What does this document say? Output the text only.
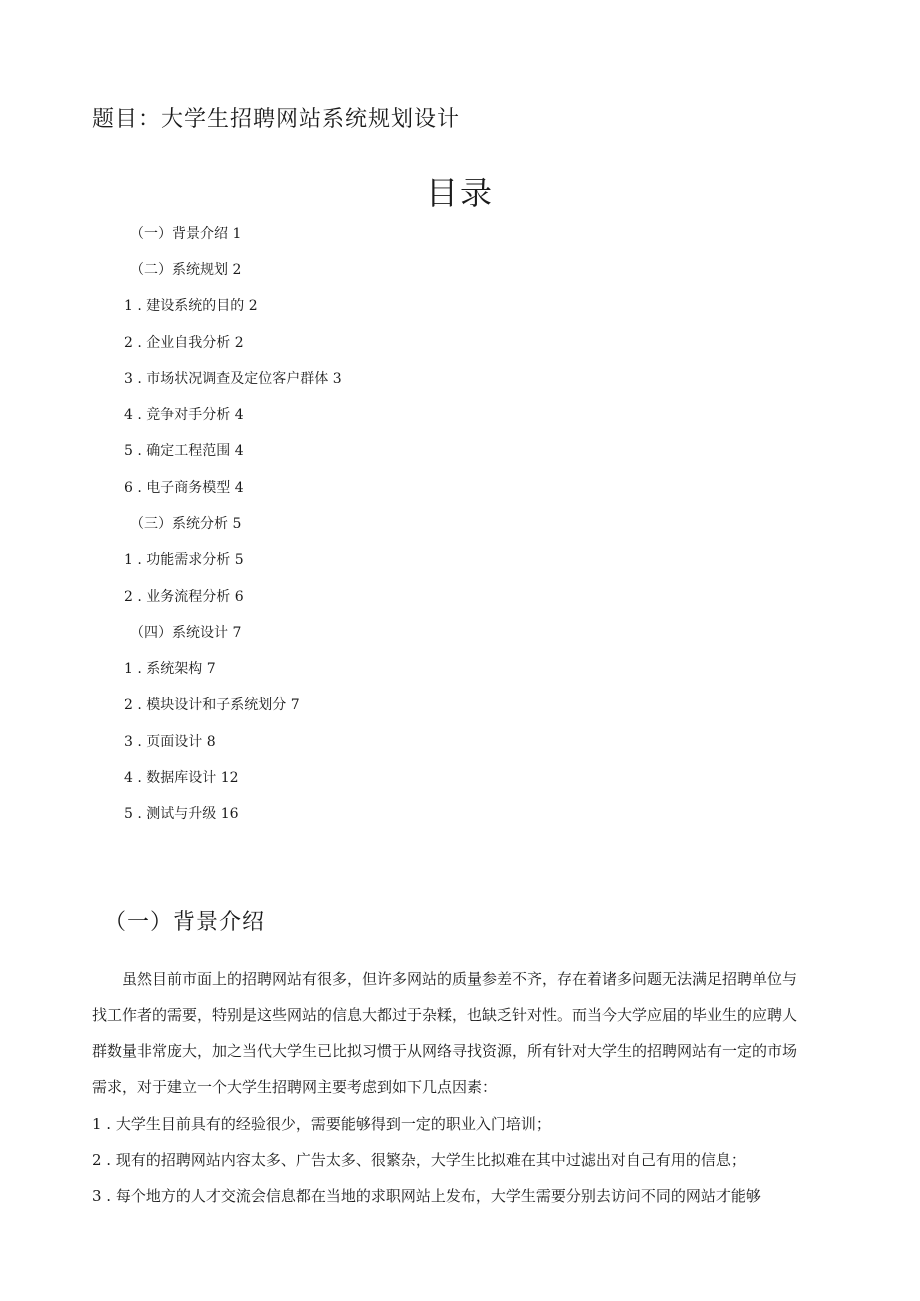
题目：大学生招聘网站系统规划设计
目录
（一）背景介绍 1
（二）系统规划 2
1 . 建设系统的目的 2
2 . 企业自我分析 2
3 . 市场状况调查及定位客户群体 3
4 . 竞争对手分析 4
5 . 确定工程范围 4
6 . 电子商务模型 4
（三）系统分析 5
1 . 功能需求分析 5
2 . 业务流程分析 6
（四）系统设计 7
1 . 系统架构 7
2 . 模块设计和子系统划分 7
3 . 页面设计 8
4 . 数据库设计 12
5 . 测试与升级 16
（一）背景介绍
虽然目前市面上的招聘网站有很多，但许多网站的质量参差不齐，存在着诸多问题无法满足招聘单位与
找工作者的需要，特别是这些网站的信息大都过于杂糅，也缺乏针对性。而当今大学应届的毕业生的应聘人
群数量非常庞大，加之当代大学生已比拟习惯于从网络寻找资源，所有针对大学生的招聘网站有一定的市场
需求，对于建立一个大学生招聘网主要考虑到如下几点因素：
1 . 大学生目前具有的经验很少，需要能够得到一定的职业入门培训；
2 . 现有的招聘网站内容太多、广告太多、很繁杂，大学生比拟难在其中过滤出对自己有用的信息；
3 . 每个地方的人才交流会信息都在当地的求职网站上发布，大学生需要分别去访问不同的网站才能够
